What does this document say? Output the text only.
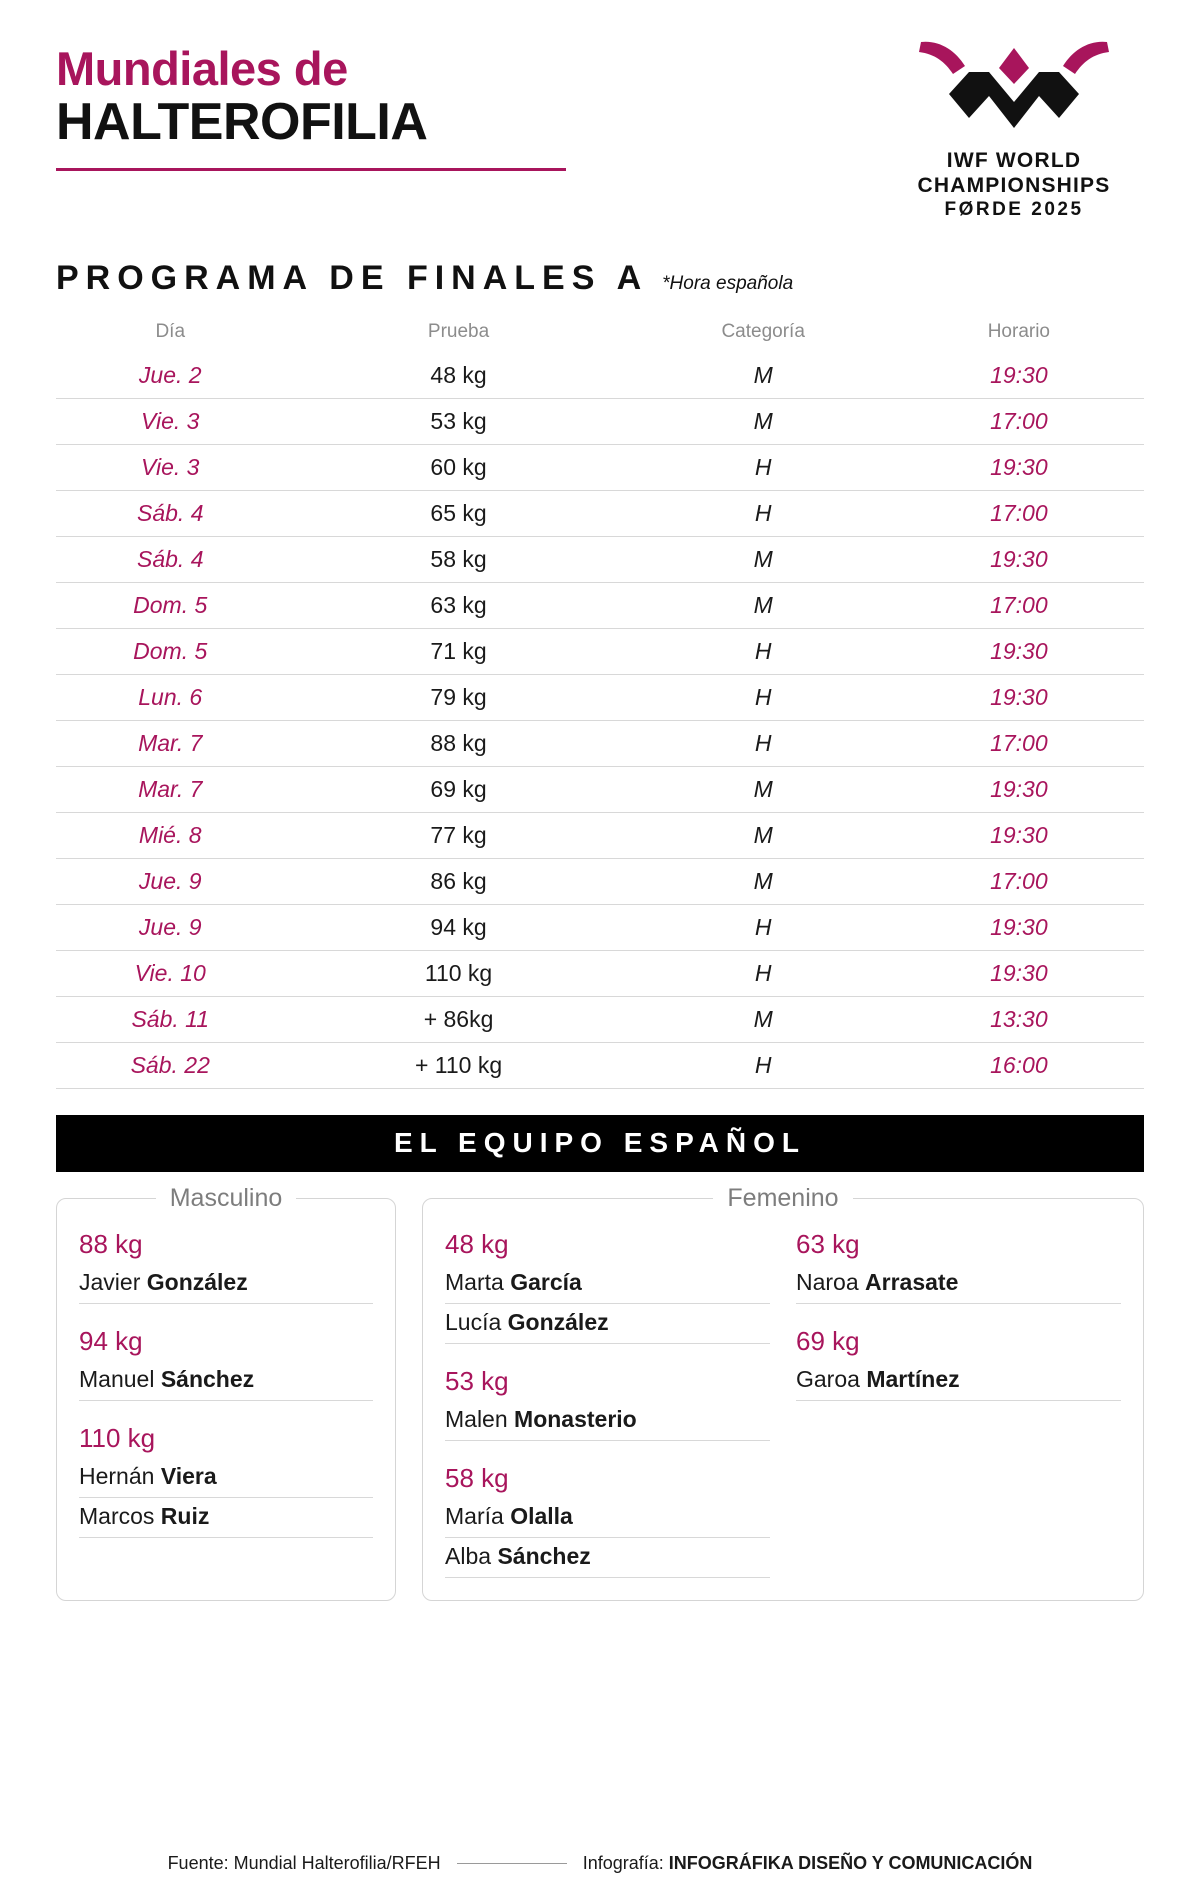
Mundiales de
HALTEROFILIA
IWF WORLD
CHAMPIONSHIPS
FØRDE 2025
PROGRAMA DE FINALES A *Hora española
Día	Prueba	Categoría	Horario
Jue. 2	48 kg	M	19:30
Vie. 3	53 kg	M	17:00
Vie. 3	60 kg	H	19:30
Sáb. 4	65 kg	H	17:00
Sáb. 4	58 kg	M	19:30
Dom. 5	63 kg	M	17:00
Dom. 5	71 kg	H	19:30
Lun. 6	79 kg	H	19:30
Mar. 7	88 kg	H	17:00
Mar. 7	69 kg	M	19:30
Mié. 8	77 kg	M	19:30
Jue. 9	86 kg	M	17:00
Jue. 9	94 kg	H	19:30
Vie. 10	110 kg	H	19:30
Sáb. 11	+ 86kg	M	13:30
Sáb. 22	+ 110 kg	H	16:00
EL EQUIPO ESPAÑOL
Masculino
88 kg
Javier González
94 kg
Manuel Sánchez
110 kg
Hernán Viera
Marcos Ruiz
Femenino
48 kg
Marta García
Lucía González
53 kg
Malen Monasterio
58 kg
María Olalla
Alba Sánchez
63 kg
Naroa Arrasate
69 kg
Garoa Martínez
Fuente: Mundial Halterofilia/RFEH	Infografía: INFOGRÁFIKA DISEÑO Y COMUNICACIÓN
